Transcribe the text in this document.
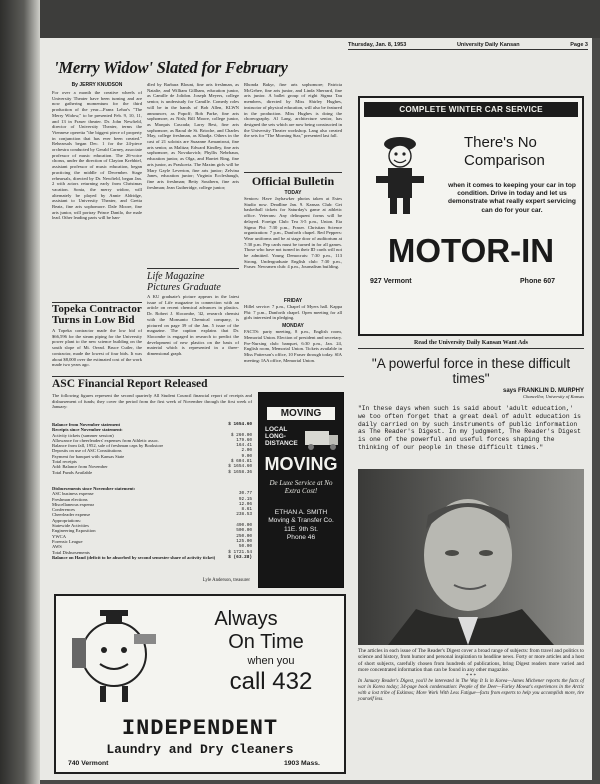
Thursday, Jan. 8, 1953	University Daily Kansan	Page 3
'Merry Widow' Slated for February
By JERRY KNUDSON
For over a month the creative wheels of University Theater have been turning and are now gathering momentum for the third production of the year—Franz Lehar's "The Merry Widow," to be presented Feb. 9, 10, 11, and 13 in Fraser theater. Dr. John Newfield, director of University Theater, terms the Viennese operetta "the biggest piece of property in conjunction that has ever been created." Rehearsals began Dec. 1 for the 24-piece orchestra conducted by Gerald Carney, associate professor of music education. The 26-voice chorus, under the direction of Clayton Krehbiel, assistant professor of music education, began practicing the middle of December. Stage rehearsals, directed by Dr. Newfield, began Jan. 2 with actors returning early from Christmas vacation. Sonia, the merry widow, will alternately be played by Annie Aldridge, assistant to University Theater, and Gretta Beatz, fine arts sophomore. Dale Moore, fine arts junior, will portray Prince Danilo, the male lead. Other leading parts will be han-
dled by Barbara Blount, fine arts freshman, as Natalie, and William Gillham, education junior, as Camille de Jolidon. Joseph Meyers, college senior, is understudy for Camille. Comedy roles will be in the hands of Bob Allen, KLWN announcer, as Popoff; Bob Parke, fine arts sophomore, as Nish; Bill Moore, college junior, as Marquis Cascada; Larry Best, fine arts sophomore, as Raoul de St. Brioche, and Charles May, college freshman, as Khadja. Others in the cast of 21 soloists are Suzanne Armantrout, fine arts senior, as Malitza; Edward Kindley, fine arts sophomore, as Novakovich; Phyllis Nebrbaun, education junior, as Olga, and Harriet Ring, fine arts junior, as Praskovia. The Maxim girls will be Mary Gayle Leverton, fine arts junior; Zelvina Janes, education junior; Virginia Eccleshaugh, fine arts freshman; Betty Southern, fine arts freshman; Jean Gutheridge, college junior;
Rhonda Bakyr, fine arts sophomore; Patricia McGehee, fine arts junior, and Linda Sherrard, fine arts junior. A ballet group of eight Sigma Tau members, directed by Miss Shirley Hughes, instructor of physical education, will also be featured in the production. Miss Hughes is doing the choreography. Al Lang, architecture senior, has designed the sets which are now being constructed in the University Theater workshop. Lang also created the sets for "The Morning Star," presented last fall.
Official Bulletin
TODAY
Seniors: Have Jayhawker photos taken at Estes Studio now. Deadline Jan. 9. Kansas Club: Get basketball tickets for Saturday's game at athletic office. Veterans: Any delinquent forms will be delayed. Foreign Club: Tea 3-5 p.m., Union. Eta Sigma Phi: 7:30 p.m., Fraser. Christian Science organization: 7 p.m., Danforth chapel. Red Peppers: Wear uniforms and be at stage door of auditorium at 7:30 p.m. Pep cards must be turned in for all games. Those who have not turned in their ID cards will not be admitted. Young Democrats: 7:30 p.m., 113 Strong. Undergraduate English club: 7:30 p.m., Fraser. Newsmen club: 4 p.m., Journalism building.
FRIDAY
Hillel service: 7 p.m., Chapel of Myers hall. Kappa Phi: 7 p.m., Danforth chapel. Open meeting for all girls interested in pledging.
MONDAY
FACTS: party meeting, 8 p.m., English room, Memorial Union. Election of president and secretary. Pre-Nursing club: banquet, 6:30 p.m., Jan. 24, English room, Memorial Union. Tickets available in Miss Patterson's office, 10 Fraser through today. SIA meeting: IAA office, Memorial Union.
Topeka Contractor Turns in Low Bid
A Topeka contractor made the low bid of $66,596 for the steam piping for the University power plant to the new science building on the south slope of Mt. Oread. Bruce Cutler, the contractor, made the lowest of four bids. It was about $8,000 over the estimated cost of the work made two years ago.
Life Magazine Pictures Graduate
A KU graduate's picture appears in the latest issue of Life magazine in connection with an article on recent chemical advances in plastics. Dr. Robert J. Slocombe, '42, research chemist with the Monsanto Chemical company, is pictured on page 39 of the Jan. 5 issue of the magazine. The caption explains that Dr. Slocombe is engaged in research to predict the development of new plastics on the basis of material which is represented in a three-dimensional graph.
ASC Financial Report Released
The following figures represent the second quarterly All Student Council financial report of receipts and disbursement of funds; they cover the period from the first week of November through the first week of January:
Balance from November statement	$ 1654.60
Receipts since November statement:
Activity tickets (summer session)	$ 260.00
Allowance for cheerleaders' expenses from Athletic assoc.	179.60
Balance from fall, 1952, sale of freshman caps by Bookstore	164.41
Deposits on use of ASC Constitutions	2.00
Payment for banquet with Kansas State	9.00
Total receipts	$ 604.81
Add: Balance from November	$ 1654.60
Total Funds Available	$ 1658.36
Disbursements since November statement:
ASC business expense	30.77
Freshman elections	92.15
Miscellaneous expense	12.06
Conferences	8.61
Cheerleader expense	238.53
Appropriations:
Statewide Activities	490.00
Engineering Exposition	500.00
YWCA	250.00
Forensic League	125.00
AWS	50.00
Total Disbursements	$ 1721.54
Balance on Hand (deficit to be absorbed by second semester share of activity ticket)	$ (63.28)
Lyle Anderson, treasurer
MOVING
LOCAL
LONG-
DISTANCE
MOVING
De Luxe Service at No Extra Cost!
ETHAN A. SMITH
Moving & Transfer Co.
11E. 9th St.
Phone 46
COMPLETE WINTER CAR SERVICE
There's No
Comparison
when it comes to keeping your car in top condition. Drive in today and let us demonstrate what really expert servicing can do for your car.
MOTOR-IN
927 Vermont	Phone 607
Read the University Daily Kansan Want Ads
"A powerful force in these difficult times"
says FRANKLIN D. MURPHY
Chancellor, University of Kansas
"In these days when such is said about 'adult education,' we too often forget that a great deal of adult education is daily carried on by such instruments of public information as The Reader's Digest. In my judgment, The Reader's Digest is one of the powerful and useful forces shaping the thinking of our people in these difficult times."
The articles in each issue of The Reader's Digest cover a broad range of subjects: from travel and politics to science and history, from humor and personal inspiration to headline news. Forty or more articles and a host of short subjects, carefully chosen from hundreds of publications, bring Digest readers more varied and more concentrated information than can be found in any other magazine.
* * *
In January Reader's Digest, you'll be interested in The Way It Is in Korea—James Michener reports the facts of war in Korea today; 34-page book condensation: People of the Deer—Farley Mowat's experiences in the Arctic with a lost tribe of Eskimos; More Work With Less Fatigue—facts from experts to help you accomplish more, tire yourself less.
Always
On Time
when you
call 432
INDEPENDENT
Laundry and Dry Cleaners
740 Vermont	1903 Mass.
